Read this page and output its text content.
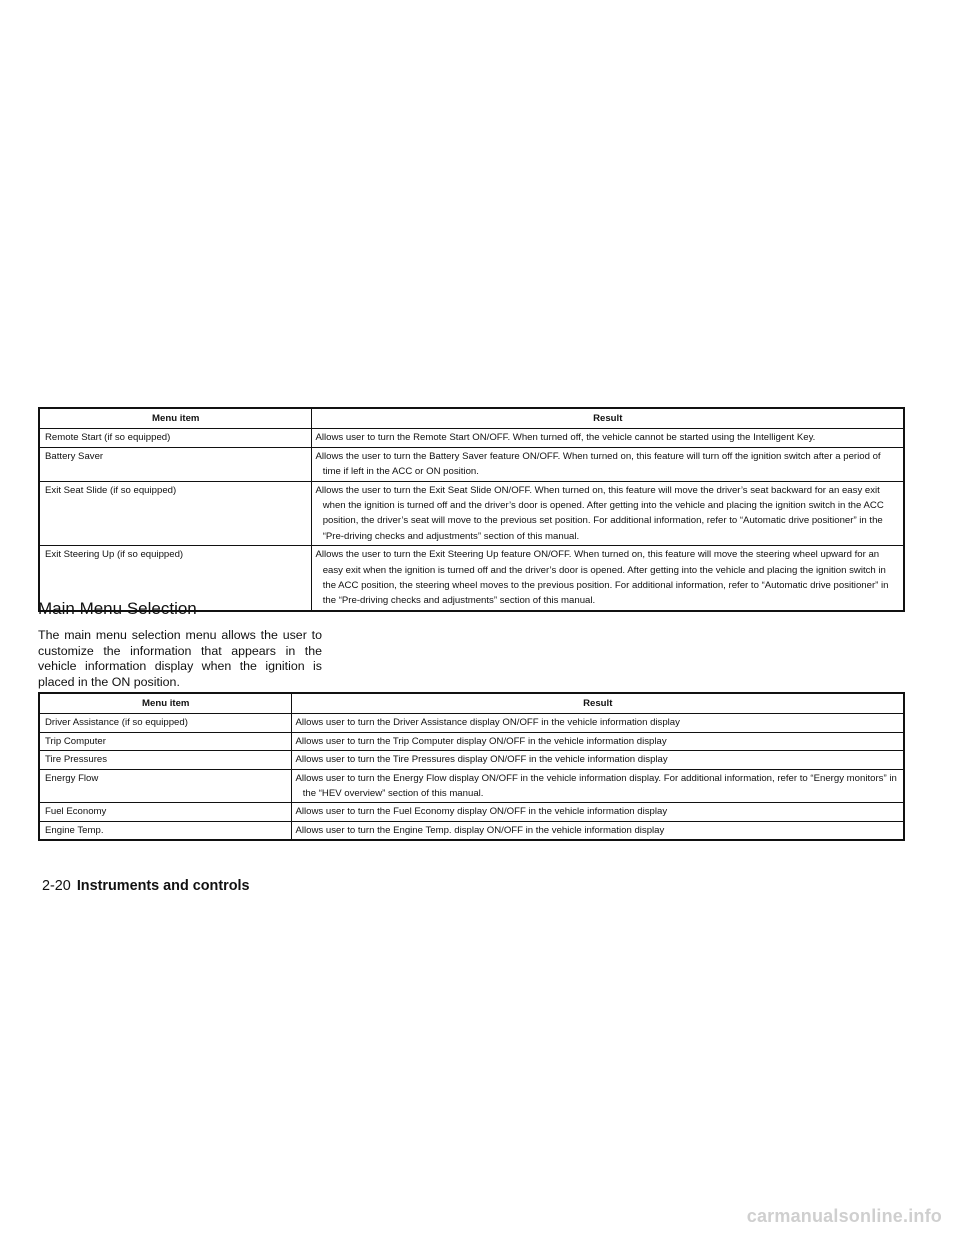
Menu item	Result
Remote Start (if so equipped)	Allows user to turn the Remote Start ON/OFF. When turned off, the vehicle cannot be started using the Intelligent Key.

Battery Saver	Allows the user to turn the Battery Saver feature ON/OFF. When turned on, this feature will turn off the ignition switch after a period of time if left in the ACC or ON position.

Exit Seat Slide (if so equipped)	Allows the user to turn the Exit Seat Slide ON/OFF. When turned on, this feature will move the driver’s seat backward for an easy exit when the ignition is turned off and the driver’s door is opened. After getting into the vehicle and placing the ignition switch in the ACC position, the driver’s seat will move to the previous set position. For additional information, refer to “Automatic drive positioner” in the “Pre-driving checks and adjustments” section of this manual.

Exit Steering Up (if so equipped)	Allows the user to turn the Exit Steering Up feature ON/OFF. When turned on, this feature will move the steering wheel upward for an easy exit when the ignition is turned off and the driver’s door is opened. After getting into the vehicle and placing the ignition switch in the ACC position, the steering wheel moves to the previous position. For additional information, refer to “Automatic drive positioner” in the “Pre-driving checks and adjustments” section of this manual.
Main Menu Selection

The main menu selection menu allows the user to customize the information that appears in the vehicle information display when the ignition is placed in the ON position.

Menu item	Result
Driver Assistance (if so equipped)	Allows user to turn the Driver Assistance display ON/OFF in the vehicle information display

Trip Computer	Allows user to turn the Trip Computer display ON/OFF in the vehicle information display

Tire Pressures	Allows user to turn the Tire Pressures display ON/OFF in the vehicle information display

Energy Flow	Allows user to turn the Energy Flow display ON/OFF in the vehicle information display. For additional information, refer to “Energy monitors” in the “HEV overview” section of this manual.

Fuel Economy	Allows user to turn the Fuel Economy display ON/OFF in the vehicle information display

Engine Temp.	Allows user to turn the Engine Temp. display ON/OFF in the vehicle information display

2-20 Instruments and controls

carmanualsonline.info
